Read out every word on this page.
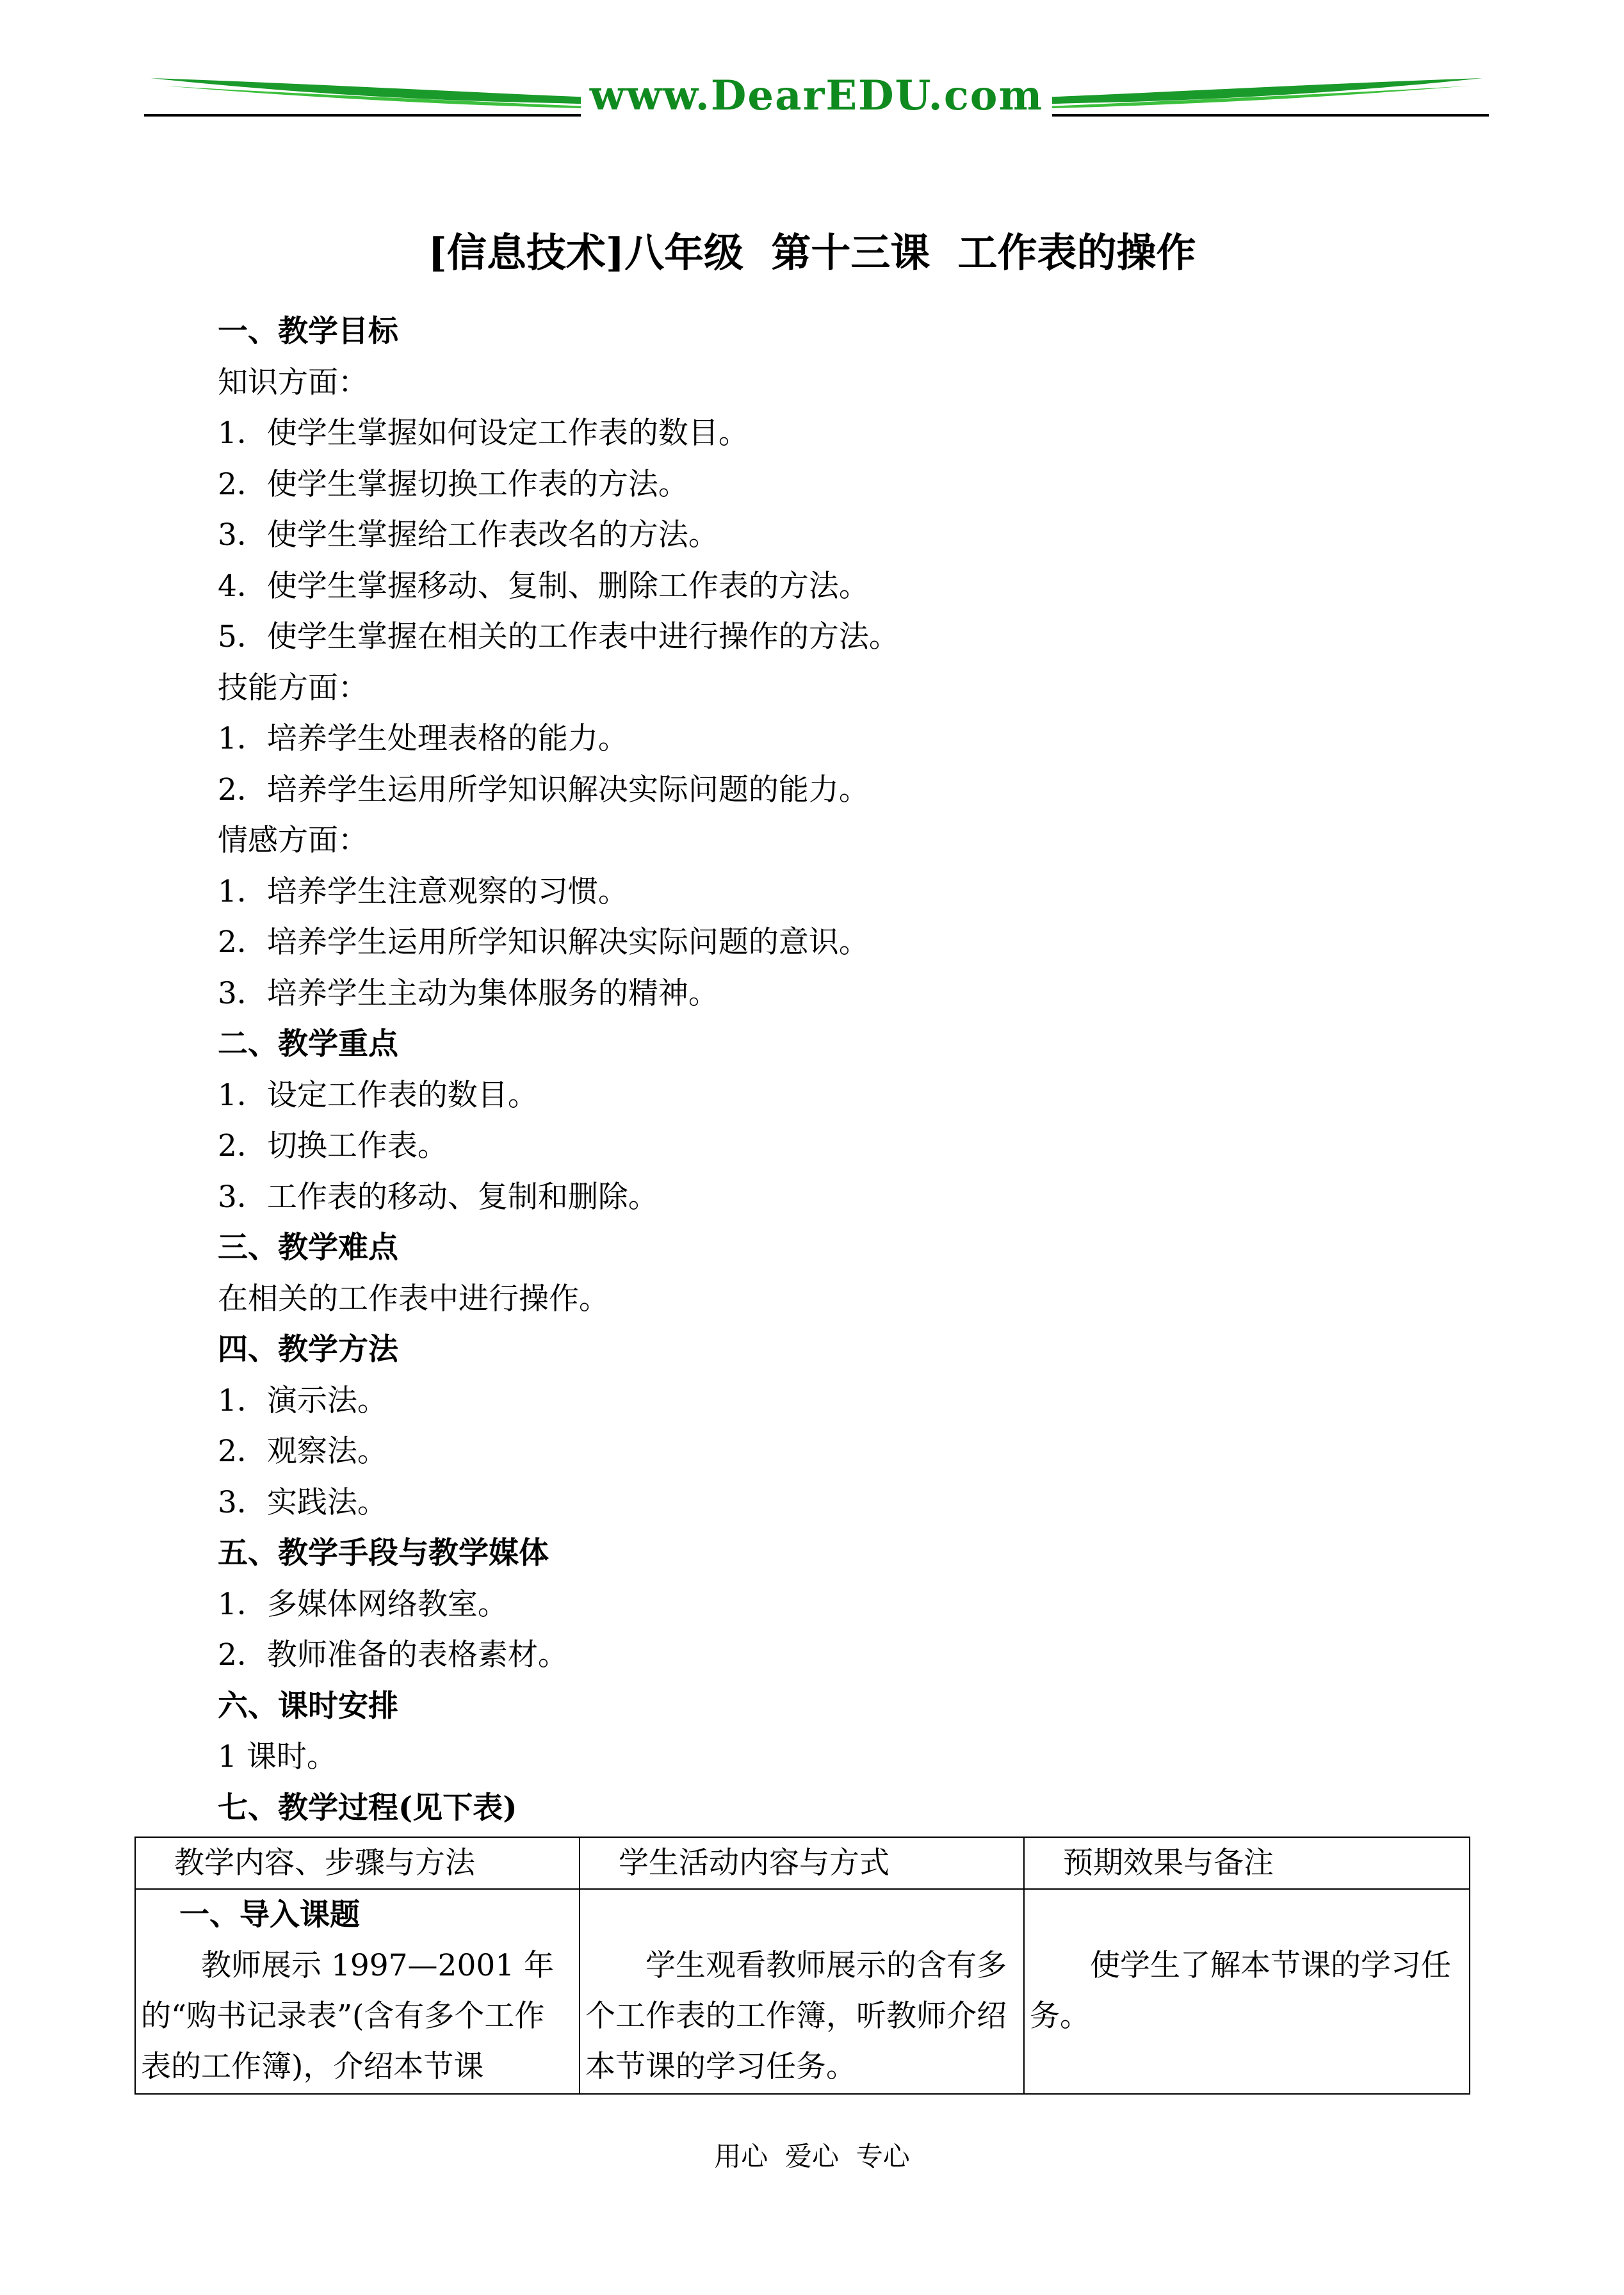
www.DearEDU.com
[信息技术]八年级  第十三课  工作表的操作
一、教学目标
知识方面：
1．使学生掌握如何设定工作表的数目。
2．使学生掌握切换工作表的方法。
3．使学生掌握给工作表改名的方法。
4．使学生掌握移动、复制、删除工作表的方法。
5．使学生掌握在相关的工作表中进行操作的方法。
技能方面：
1．培养学生处理表格的能力。
2．培养学生运用所学知识解决实际问题的能力。
情感方面：
1．培养学生注意观察的习惯。
2．培养学生运用所学知识解决实际问题的意识。
3．培养学生主动为集体服务的精神。
二、教学重点
1．设定工作表的数目。
2．切换工作表。
3．工作表的移动、复制和删除。
三、教学难点
在相关的工作表中进行操作。
四、教学方法
1．演示法。
2．观察法。
3．实践法。
五、教学手段与教学媒体
1．多媒体网络教室。
2．教师准备的表格素材。
六、课时安排
1 课时。
七、教学过程(见下表)
教学内容、步骤与方法	学生活动内容与方式	预期效果与备注

一、导入课题

教师展示 1997—2001 年的“购书记录表”(含有多个工作表的工作簿)，介绍本节课	学生观看教师展示的含有多个工作表的工作簿，听教师介绍本节课的学习任务。	使学生了解本节课的学习任务。

用心  爱心  专心
